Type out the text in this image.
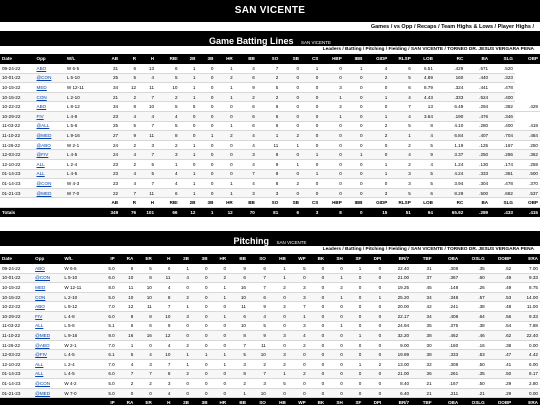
SAN VICENTE
Games / vs Opp / Recaps / Team Highs & Lows / Player Highs /
Game Batting Lines SAN VICENTE
Leaders / Batting / Pitching / Fielding / SAN VICENTE / TORNEO DR. JESUS VERGARA PENA
Date	Opp	W/L	AB	R	H	RBI	2B	3B	HR	BB	SO	SB	CS	HBP	IBB	GIDP	RLSP	LOB	RC	BA	SLG	OBP
09-24-22	ABO	W 6-5	31	6	13	6	1	0	1	4	7	0	1	0	1	4	6	6.51	.429	.571	.520	
10-01-22	@CON	L 5-10	25	5	4	5	1	0	2	6	2	0	0	0	0	2	5	4.89	160	.440	.323	
10-15-22	MED	W 12-11	34	12	11	10	1	0	1	9	5	0	0	3	0	0	6	8.79	.324	.441	.478	
10-15-22	CON	L 2-10	21	2	7	2	1	0	1	2	2	0	0	1	0	1	4	4.43	.333	.524	.400	
10-22-22	ABO	L 8-12	34	8	10	5	5	0	0	6	6	0	0	2	0	0	7	13	6.49	.294	.382	.429
10-29-22	FIV	L 4-8	23	4	4	4	0	0	0	6	6	0	0	1	0	1	4	3.64	.190	.476	.346	
11-03-22	@ALL	L 5-6	25	5	7	5	0	0	1	6	6	0	0	0	0	2	5	8	4.10	.280	.400	.419
11-10-22	@MED	L 9-16	27	9	11	8	0	1	2	4	1	2	0	0	0	2	1	4	6.84	.407	.704	.484
11-26-22	@ABO	W 2-1	24	2	3	2	1	0	0	4	11	1	0	0	0	0	2	5	1.19	.125	.167	.250
12-03-22	@FIV	L 4-5	24	4	7	3	1	0	0	3	8	0	1	0	1	0	4	9	3.37	.250	.286	.362
12-10-22	ALL	L 2-4	23	2	5	1	0	0	0	4	9	1	0	0	0	1	2	4	1.24	.130	.174	.259
01-14-23	ALL	L 4-5	23	4	5	4	1	0	0	7	8	0	1	0	0	1	3	5	4.24	.333	.381	.500
01-14-23	@CON	W 4-3	23	4	7	4	1	0	1	4	8	2	0	0	0	0	3	5	3.94	.304	.478	.370
01-21-23	@MED	W 7-0	22	7	11	6	1	0	1	3	3	0	0	0	0	3	5	6	8.29	.500	.682	.537
			AB	R	H	RBI	2B	3B	HR	BB	SO	SB	CS	HBP	IBB	GIDP	RLSP	LOB	RC	BA	SLG	OBP
Totals			349	76	101	66	12	1	12	70	81	6	3	8	0	15	51	94	65.92	.289	.433	.415
Pitching SAN VICENTE
Leaders / Batting / Pitching / Fielding / SAN VICENTE / TORNEO DR. JESUS VERGARA PENA
Date	Opp	W/L	IP	RA	ER	H	2B	3B	HR	BB	SO	HB	WP	BK	SH	SF	DPI	BR/7	TBF	OBA	OSLG	OOBP	ERA
09-24-22	ABO	W 6-5	5.0	6	5	6	1	0	0	9	6	1	5	0	0	1	0	22.40	31	.308	.35	.52	7.00
10-01-22	@CON	L 5-10	6.0	10	8	11	4	0	2	6	7	1	0	0	1	0	0	21.00	37	.367	.60	.49	9.33
10-15-22	MED	W 12-11	8.0	11	10	4	0	0	1	16	7	2	3	0	2	0	0	19.25	45	.148	.26	.49	8.75
10-15-22	CON	L 2-10	5.0	10	10	8	2	0	1	10	6	0	3	0	1	0	1	25.20	34	.348	.57	.53	14.00
10-22-22	ABO	L 8-12	7.0	12	11	7	1	0	0	11	9	2	7	0	0	0	0	20.00	42	.241	.38	.48	11.00
10-29-22	FIV	L 4-8	6.0	8	8	10	3	0	1	6	4	0	1	0	0	0	0	22.17	34	.408	.64	.56	9.33
11-03-22	ALL	L 5-6	5.1	6	6	9	0	0	0	10	5	0	3	0	1	0	0	24.94	35	.375	.38	.54	7.88
11-10-22	@MED	L 9-16	9.0	16	16	12	0	0	0	8	9	3	4	0	0	1	0	32.20	38	.462	.46	.62	22.40
11-26-22	@ABO	W 2-1	7.0	1	0	4	2	0	0	7	11	0	2	0	0	0	0	9.00	30	.160	.16	.38	0.00
12-03-22	@FIV	L 4-5	6.1	5	4	10	1	1	1	5	10	3	0	0	0	0	0	19.89	38	.333	.53	.47	4.42
12-10-22	ALL	L 2-4	7.0	4	3	7	1	0	1	3	2	2	0	0	0	1	2	13.00	32	.308	.50	.41	6.00
01-14-23	ALL	L 4-5	6.0	7	7	8	2	0	0	8	7	1	2	0	0	0	0	21.00	36	.261	.35	.50	8.17
01-14-23	@CON	W 4-2	5.0	2	2	3	0	0	0	2	3	5	0	0	0	0	0	8.40	21	.167	.50	.29	2.80
01-21-23	@MED	W 7-0	5.0	0	0	4	0	0	0	1	10	0	0	0	0	0	0	6.40	21	.211	.21	.29	0.00
			IP	RA	ER	H	2B	3B	HR	BB	SO	HB	WP	BK	SH	SF	DPI	BR/7	TBF	OBA	OSLG	OOBP	ERA
